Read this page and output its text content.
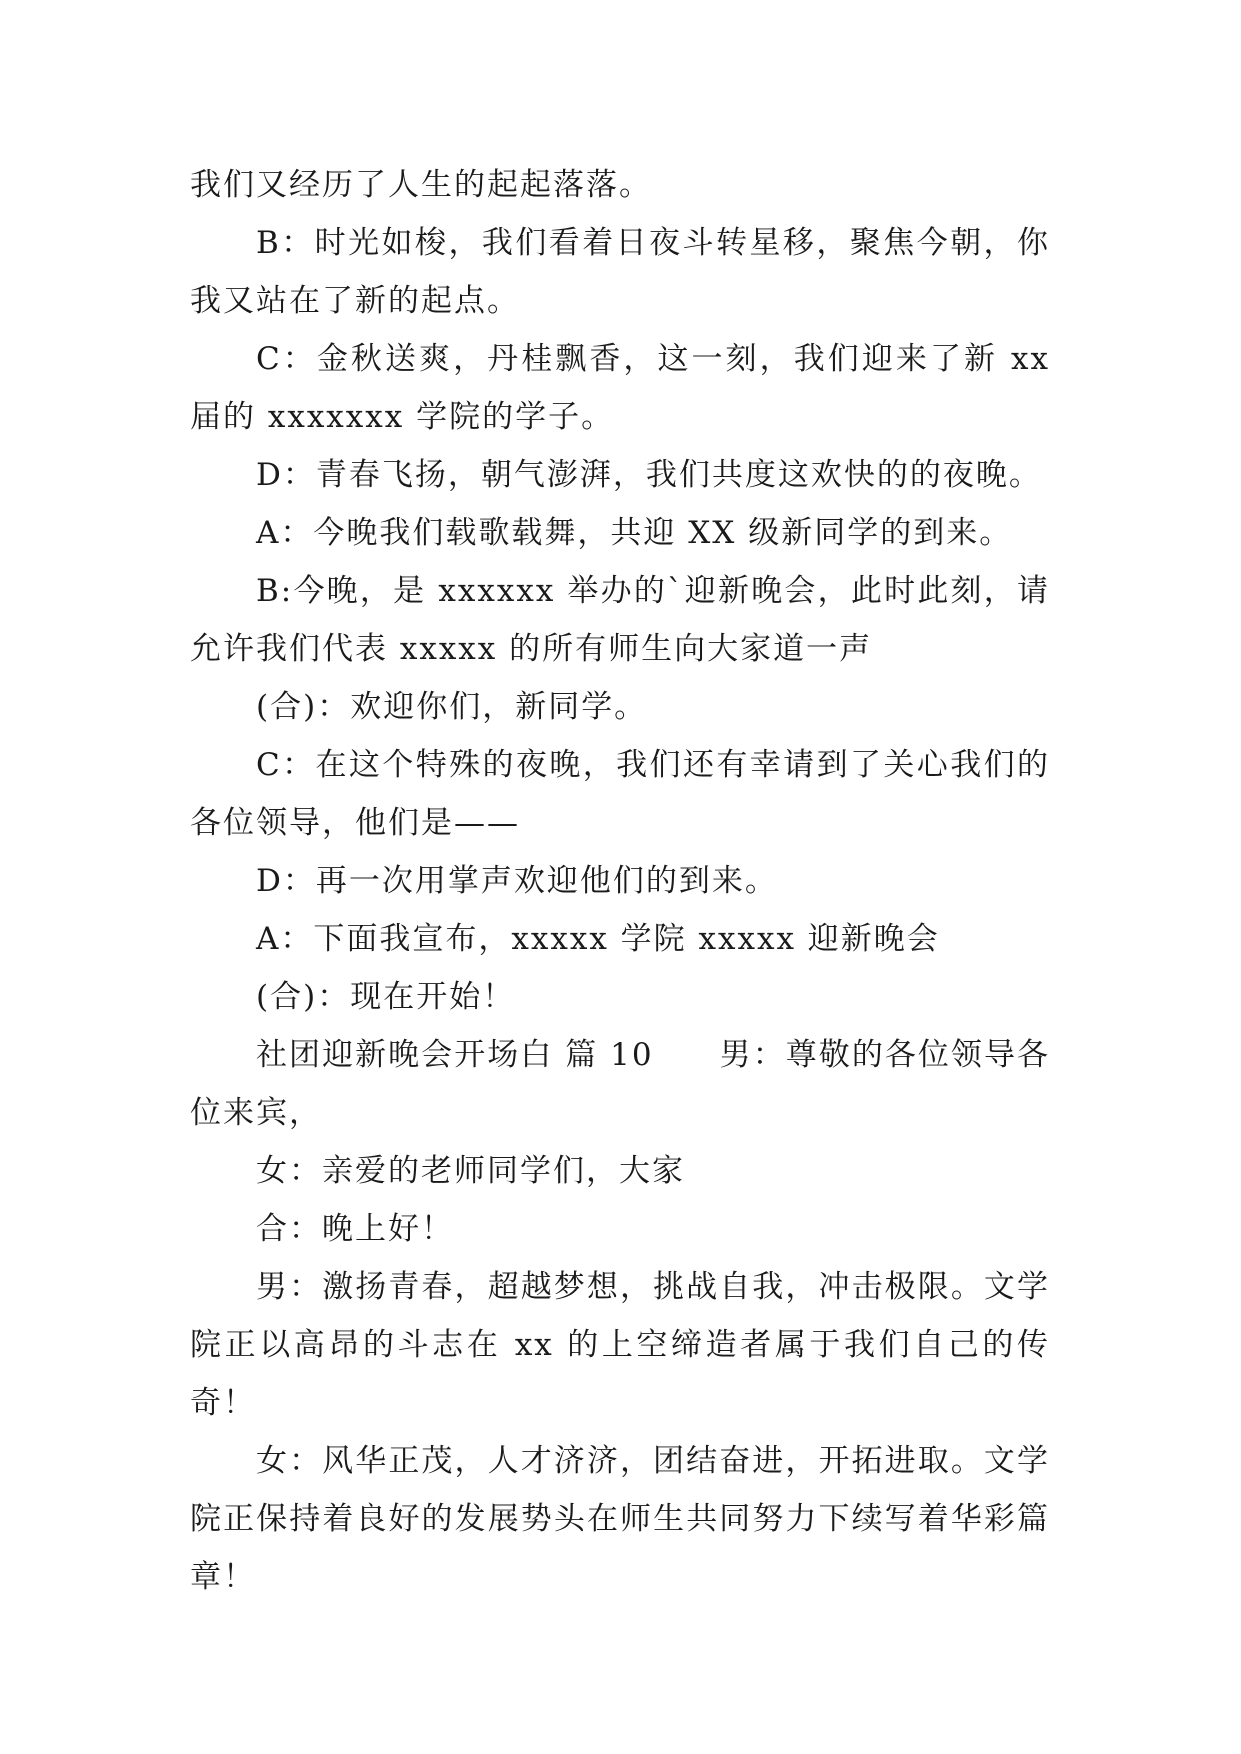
我们又经历了人生的起起落落。

B：时光如梭，我们看着日夜斗转星移，聚焦今朝，你我又站在了新的起点。

C：金秋送爽，丹桂飘香，这一刻，我们迎来了新 xx 届的 xxxxxxx 学院的学子。

D：青春飞扬，朝气澎湃，我们共度这欢快的的夜晚。

A：今晚我们载歌载舞，共迎 XX 级新同学的到来。

B:今晚，是 xxxxxx 举办的`迎新晚会，此时此刻，请允许我们代表 xxxxx 的所有师生向大家道一声

(合)：欢迎你们，新同学。

C：在这个特殊的夜晚，我们还有幸请到了关心我们的各位领导，他们是——

D：再一次用掌声欢迎他们的到来。

A：下面我宣布，xxxxx 学院 xxxxx 迎新晚会

(合)：现在开始！

社团迎新晚会开场白 篇 10　　男：尊敬的各位领导各位来宾，

女：亲爱的老师同学们，大家

合：晚上好！

男：激扬青春，超越梦想，挑战自我，冲击极限。文学院正以高昂的斗志在 xx 的上空缔造者属于我们自己的传奇！

女：风华正茂，人才济济，团结奋进，开拓进取。文学院正保持着良好的发展势头在师生共同努力下续写着华彩篇章！
